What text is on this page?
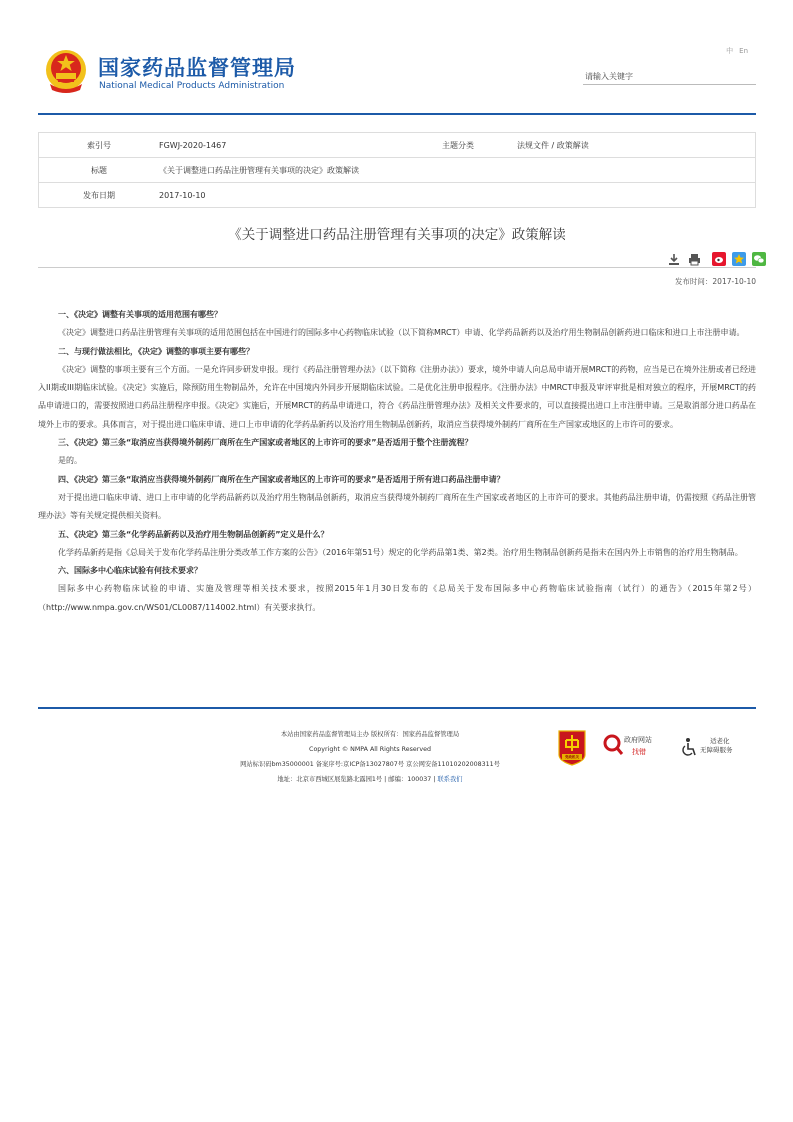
国家药品监督管理局
National Medical Products Administration
中 En
请输入关键字
索引号	FGWJ-2020-1467	主题分类	法规文件 / 政策解读
标题	《关于调整进口药品注册管理有关事项的决定》政策解读		
发布日期	2017-10-10		
《关于调整进口药品注册管理有关事项的决定》政策解读

发布时间：2017-10-10

一、《决定》调整有关事项的适用范围有哪些？

《决定》调整进口药品注册管理有关事项的适用范围包括在中国进行的国际多中心药物临床试验（以下简称MRCT）申请、化学药品新药以及治疗用生物制品创新药进口临床和进口上市注册申请。

二、与现行做法相比，《决定》调整的事项主要有哪些？

《决定》调整的事项主要有三个方面。一是允许同步研发申报。现行《药品注册管理办法》（以下简称《注册办法》）要求，境外申请人向总局申请开展MRCT的药物，应当是已在境外注册或者已经进入II期或III期临床试验。《决定》实施后，除预防用生物制品外，允许在中国境内外同步开展期临床试验。二是优化注册申报程序。《注册办法》中MRCT申报及审评审批是相对独立的程序，开展MRCT的药品申请进口的，需要按照进口药品注册程序申报。《决定》实施后，开展MRCT的药品申请进口，符合《药品注册管理办法》及相关文件要求的，可以直接提出进口上市注册申请。三是取消部分进口药品在境外上市的要求。具体而言，对于提出进口临床申请、进口上市申请的化学药品新药以及治疗用生物制品创新药，取消应当获得境外制药厂商所在生产国家或地区的上市许可的要求。

三、《决定》第三条“取消应当获得境外制药厂商所在生产国家或者地区的上市许可的要求”是否适用于整个注册流程？

是的。

四、《决定》第三条“取消应当获得境外制药厂商所在生产国家或者地区的上市许可的要求”是否适用于所有进口药品注册申请？

对于提出进口临床申请、进口上市申请的化学药品新药以及治疗用生物制品创新药，取消应当获得境外制药厂商所在生产国家或者地区的上市许可的要求。其他药品注册申请，仍需按照《药品注册管理办法》等有关规定提供相关资料。

五、《决定》第三条“化学药品新药以及治疗用生物制品创新药”定义是什么？

化学药品新药是指《总局关于发布化学药品注册分类改革工作方案的公告》（2016年第51号）规定的化学药品第1类、第2类。治疗用生物制品创新药是指未在国内外上市销售的治疗用生物制品。

六、国际多中心临床试验有何技术要求？

国际多中心药物临床试验的申请、实施及管理等相关技术要求，按照2015年1月30日发布的《总局关于发布国际多中心药物临床试验指南（试行）的通告》（2015年第2号）（http://www.nmpa.gov.cn/WS01/CL0087/114002.html）有关要求执行。

本站由国家药品监督管理局主办 版权所有：国家药品监督管理局
Copyright © NMPA All Rights Reserved
网站标识码bm35000001 备案序号:京ICP备13027807号 京公网安备11010202008311号
地址：北京市西城区展览路北露园1号 | 邮编：100037 | 联系我们
党政机关
政府网站
找错
适老化
无障碍服务
